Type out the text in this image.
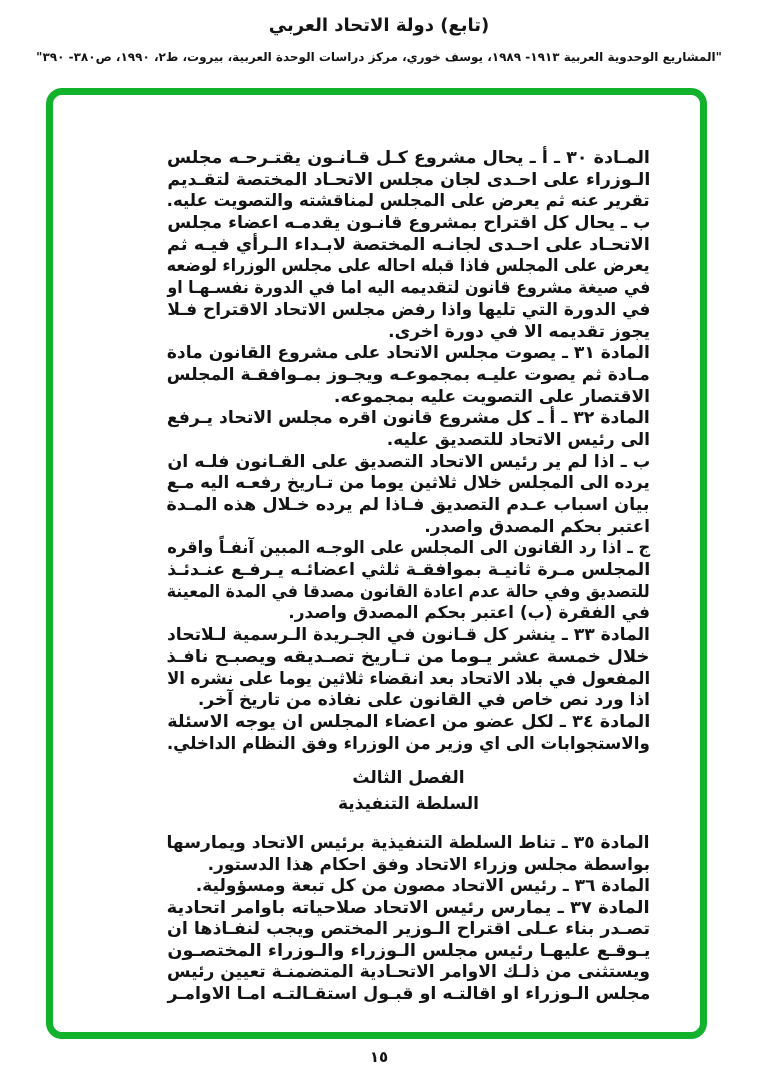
(تابع) دولة الاتحاد العربي
"المشاريع الوحدوية العربية ١٩١٣- ١٩٨٩، يوسف خوري، مركز دراسات الوحدة العربية، بيروت، ط٢، ١٩٩٠، ص٣٨٠- ٣٩٠"
المـادة ٣٠ ـ أ ـ يحال مشروع كـل قـانـون يقتـرحـه مجلس
الـوزراء على احـدى لجان مجلس الاتحـاد المختصة لتقـديم
تقرير عنه ثم يعرض على المجلس لمناقشته والتصويت عليه.
ب ـ يحال كل اقتراح بمشروع قانـون يقدمـه اعضاء مجلس
الاتحـاد على احـدى لجانـه المختصة لابـداء الـرأي فيـه ثم
يعرض على المجلس فاذا قبله احاله على مجلس الوزراء لوضعه
في صيغة مشروع قانون لتقديمه اليه اما في الدورة نفسـهـا او
في الدورة التي تليها واذا رفض مجلس الاتحاد الاقتراح فـلا
يجوز تقديمه الا في دورة اخرى.
المادة ٣١ ـ يصوت مجلس الاتحاد على مشروع القانون مادة
مـادة ثم يصوت عليـه بمجموعـه ويجـوز بمـوافقـة المجلس
الاقتصار على التصويت عليه بمجموعه.
المادة ٣٢ ـ أ ـ كل مشروع قانون اقره مجلس الاتحاد يـرفع
الى رئيس الاتحاد للتصديق عليه.
ب ـ اذا لم ير رئيس الاتحاد التصديق على القـانون فلـه ان
يرده الى المجلس خلال ثلاثين يوما من تـاريخ رفعـه اليه مـع
بيان اسباب عـدم التصديق فـاذا لم يرده خـلال هذه المـدة
اعتبر بحكم المصدق واصدر.
ج ـ اذا رد القانون الى المجلس على الوجـه المبين آنفـاً واقره
المجلس مـرة ثانيـة بموافقـة ثلثي اعضائـه يـرفـع عنـدئـذ
للتصديق وفي حالة عدم اعادة القانون مصدقا في المدة المعينة
في الفقرة (ب) اعتبر بحكم المصدق واصدر.
المادة ٣٣ ـ ينشر كل قـانون في الجـريدة الـرسمية لـلاتحاد
خلال خمسة عشر يـوما من تـاريخ تصـديقه ويصبـح نافـذ
المفعول في بلاد الاتحاد بعد انقضاء ثلاثين يوما على نشره الا
اذا ورد نص خاص في القانون على نفاذه من تاريخ آخر.
المادة ٣٤ ـ لكل عضو من اعضاء المجلس ان يوجه الاسئلة
والاستجوابات الى اي وزير من الوزراء وفق النظام الداخلي.
الفصل الثالث
السلطة التنفيذية
المادة ٣٥ ـ تناط السلطة التنفيذية برئيس الاتحاد ويمارسها
بواسطة مجلس وزراء الاتحاد وفق احكام هذا الدستور.
المادة ٣٦ ـ رئيس الاتحاد مصون من كل تبعة ومسؤولية.
المادة ٣٧ ـ يمارس رئيس الاتحاد صلاحياته باوامر اتحادية
تصـدر بناء عـلى اقتراح الـوزير المختص ويجب لنفـاذها ان
يـوقـع عليهـا رئيس مجلس الـوزراء والـوزراء المختصـون
ويستثنى من ذلـك الاوامر الاتحـادية المتضمنـة تعيين رئيس
مجلس الـوزراء او اقالتـه او قبـول استقـالتـه امـا الاوامـر
١٥
